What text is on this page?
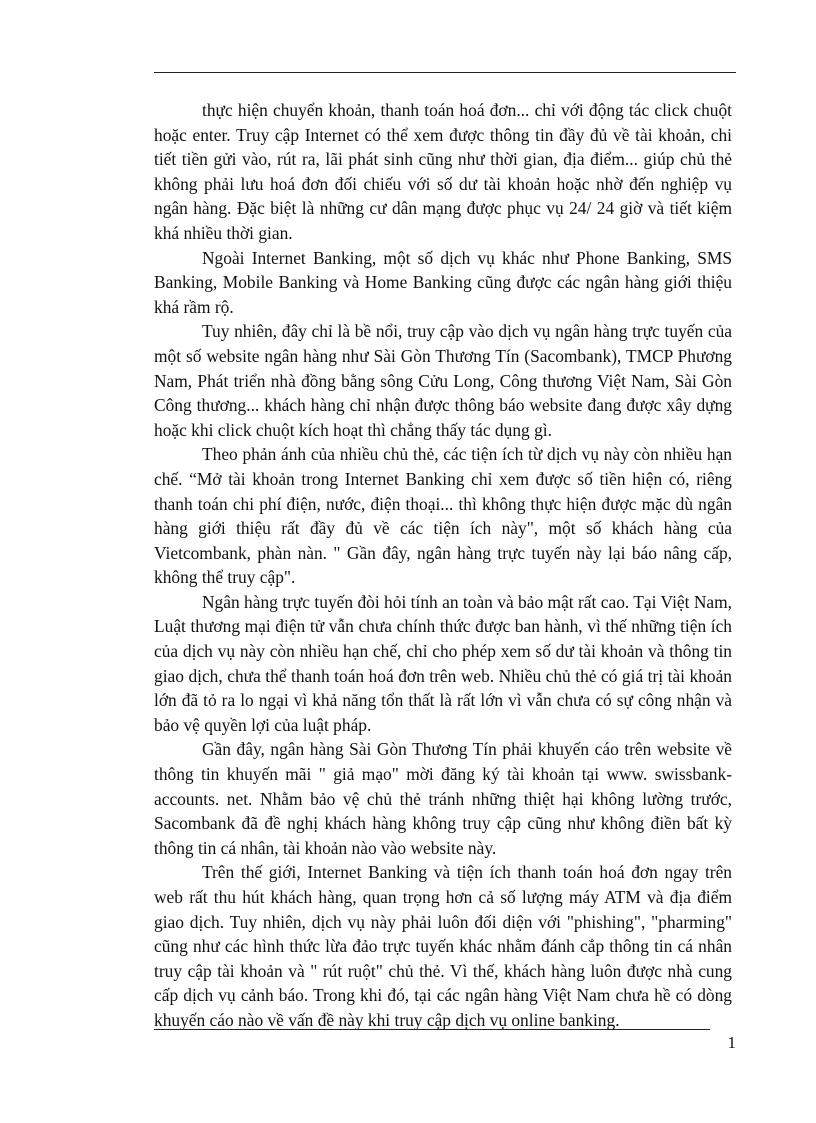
thực hiện chuyển khoản, thanh toán hoá đơn... chỉ với động tác click chuột hoặc enter. Truy cập Internet có thể xem được thông tin đầy đủ về tài khoản, chi tiết tiền gửi vào, rút ra, lãi phát sinh cũng như thời gian, địa điểm... giúp chủ thẻ không phải lưu hoá đơn đối chiếu với số dư tài khoản hoặc nhờ đến nghiệp vụ ngân hàng. Đặc biệt là những cư dân mạng được phục vụ 24/ 24 giờ và tiết kiệm khá nhiều thời gian.

Ngoài Internet Banking, một số dịch vụ khác như Phone Banking, SMS Banking, Mobile Banking và Home Banking cũng được các ngân hàng giới thiệu khá rầm rộ.

Tuy nhiên, đây chỉ là bề nổi, truy cập vào dịch vụ ngân hàng trực tuyến của một số website ngân hàng như Sài Gòn Thương Tín (Sacombank), TMCP Phương Nam, Phát triển nhà đồng bằng sông Cửu Long, Công thương Việt Nam, Sài Gòn Công thương... khách hàng chỉ nhận được thông báo website đang được xây dựng hoặc khi click chuột kích hoạt thì chẳng thấy tác dụng gì.

Theo phản ánh của nhiều chủ thẻ, các tiện ích từ dịch vụ này còn nhiều hạn chế. “Mở tài khoản trong Internet Banking chỉ xem được số tiền hiện có, riêng thanh toán chi phí điện, nước, điện thoại... thì không thực hiện được mặc dù ngân hàng giới thiệu rất đầy đủ về các tiện ích này", một số khách hàng của Vietcombank, phàn nàn. " Gần đây, ngân hàng trực tuyến này lại báo nâng cấp, không thể truy cập".

Ngân hàng trực tuyến đòi hỏi tính an toàn và bảo mật rất cao. Tại Việt Nam, Luật thương mại điện tử vẫn chưa chính thức được ban hành, vì thế những tiện ích của dịch vụ này còn nhiều hạn chế, chỉ cho phép xem số dư tài khoản và thông tin giao dịch, chưa thể thanh toán hoá đơn trên web. Nhiều chủ thẻ có giá trị tài khoản lớn đã tỏ ra lo ngại vì khả năng tổn thất là rất lớn vì vẫn chưa có sự công nhận và bảo vệ quyền lợi của luật pháp.

Gần đây, ngân hàng Sài Gòn Thương Tín phải khuyến cáo trên website về thông tin khuyến mãi " giả mạo" mời đăng ký tài khoản tại www. swissbank-accounts. net. Nhằm bảo vệ chủ thẻ tránh những thiệt hại không lường trước, Sacombank đã đề nghị khách hàng không truy cập cũng như không điền bất kỳ thông tin cá nhân, tài khoản nào vào website này.

Trên thế giới, Internet Banking và tiện ích thanh toán hoá đơn ngay trên web rất thu hút khách hàng, quan trọng hơn cả số lượng máy ATM và địa điểm giao dịch. Tuy nhiên, dịch vụ này phải luôn đối diện với "phishing", "pharming" cũng như các hình thức lừa đảo trực tuyến khác nhằm đánh cắp thông tin cá nhân truy cập tài khoản và " rút ruột" chủ thẻ. Vì thế, khách hàng luôn được nhà cung cấp dịch vụ cảnh báo. Trong khi đó, tại các ngân hàng Việt Nam chưa hề có dòng khuyến cáo nào về vấn đề này khi truy cập dịch vụ online banking.

1
